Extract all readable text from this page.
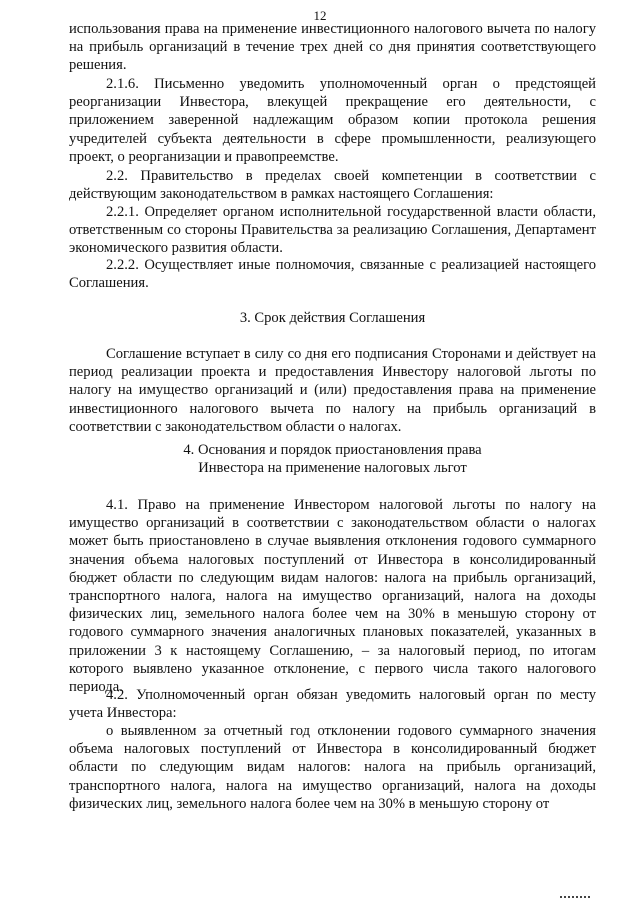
12

использования права на применение инвестиционного налогового вычета по налогу на прибыль организаций в течение трех дней со дня принятия соответствующего решения.

2.1.6. Письменно уведомить уполномоченный орган о предстоящей реорганизации Инвестора, влекущей прекращение его деятельности, с приложением заверенной надлежащим образом копии протокола решения учредителей субъекта деятельности в сфере промышленности, реализующего проект, о реорганизации и правопреемстве.

2.2. Правительство в пределах своей компетенции в соответствии с действующим законодательством в рамках настоящего Соглашения:

2.2.1. Определяет органом исполнительной государственной власти области, ответственным со стороны Правительства за реализацию Соглашения, Департамент экономического развития области.

2.2.2. Осуществляет иные полномочия, связанные с реализацией настоящего Соглашения.

3. Срок действия Соглашения

Соглашение вступает в силу со дня его подписания Сторонами и действует на период реализации проекта и предоставления Инвестору налоговой льготы по налогу на имущество организаций и (или) предоставления права на применение инвестиционного налогового вычета по налогу на прибыль организаций в соответствии с законодательством области о налогах.

4. Основания и порядок приостановления права
Инвестора на применение налоговых льгот

4.1. Право на применение Инвестором налоговой льготы по налогу на имущество организаций в соответствии с законодательством области о налогах может быть приостановлено в случае выявления отклонения годового суммарного значения объема налоговых поступлений от Инвестора в консолидированный бюджет области по следующим видам налогов: налога на прибыль организаций, транспортного налога, налога на имущество организаций, налога на доходы физических лиц, земельного налога более чем на 30% в меньшую сторону от годового суммарного значения аналогичных плановых показателей, указанных в приложении 3 к настоящему Соглашению, – за налоговый период, по итогам которого выявлено указанное отклонение, с первого числа такого налогового периода.

4.2. Уполномоченный орган обязан уведомить налоговый орган по месту учета Инвестора:

о выявленном за отчетный год отклонении годового суммарного значения объема налоговых поступлений от Инвестора в консолидированный бюджет области по следующим видам налогов: налога на прибыль организаций, транспортного налога, налога на имущество организаций, налога на доходы физических лиц, земельного налога более чем на 30% в меньшую сторону от
